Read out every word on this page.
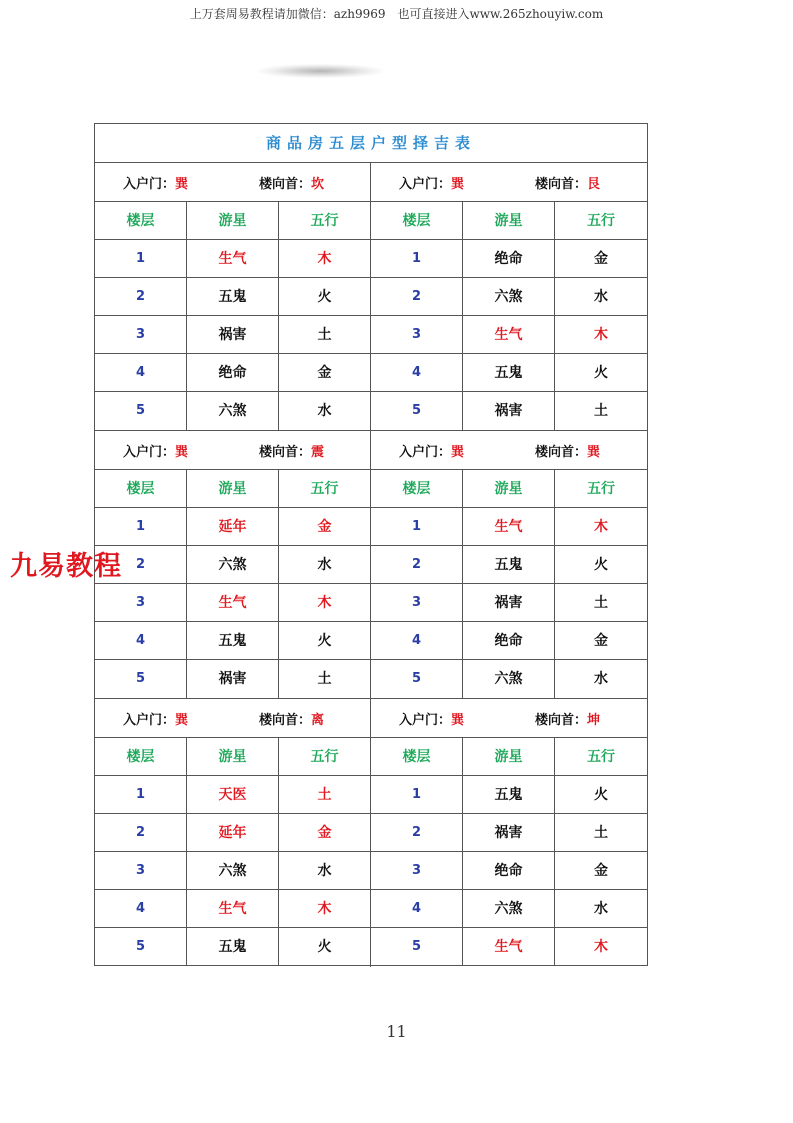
上万套周易教程请加微信：azh9969　也可直接进入www.265zhouyiw.com
商品房五层户型择吉表
入户门：巽	楼向首：坎
楼层	游星	五行
1	生气	木
2	五鬼	火
3	祸害	土
4	绝命	金
5	六煞	水
入户门：巽	楼向首：艮
楼层	游星	五行
1	绝命	金
2	六煞	水
3	生气	木
4	五鬼	火
5	祸害	土
入户门：巽	楼向首：震
楼层	游星	五行
1	延年	金
2	六煞	水
3	生气	木
4	五鬼	火
5	祸害	土
入户门：巽	楼向首：巽
楼层	游星	五行
1	生气	木
2	五鬼	火
3	祸害	土
4	绝命	金
5	六煞	水
入户门：巽	楼向首：离
楼层	游星	五行
1	天医	土
2	延年	金
3	六煞	水
4	生气	木
5	五鬼	火
入户门：巽	楼向首：坤
楼层	游星	五行
1	五鬼	火
2	祸害	土
3	绝命	金
4	六煞	水
5	生气	木
九易教程
11
